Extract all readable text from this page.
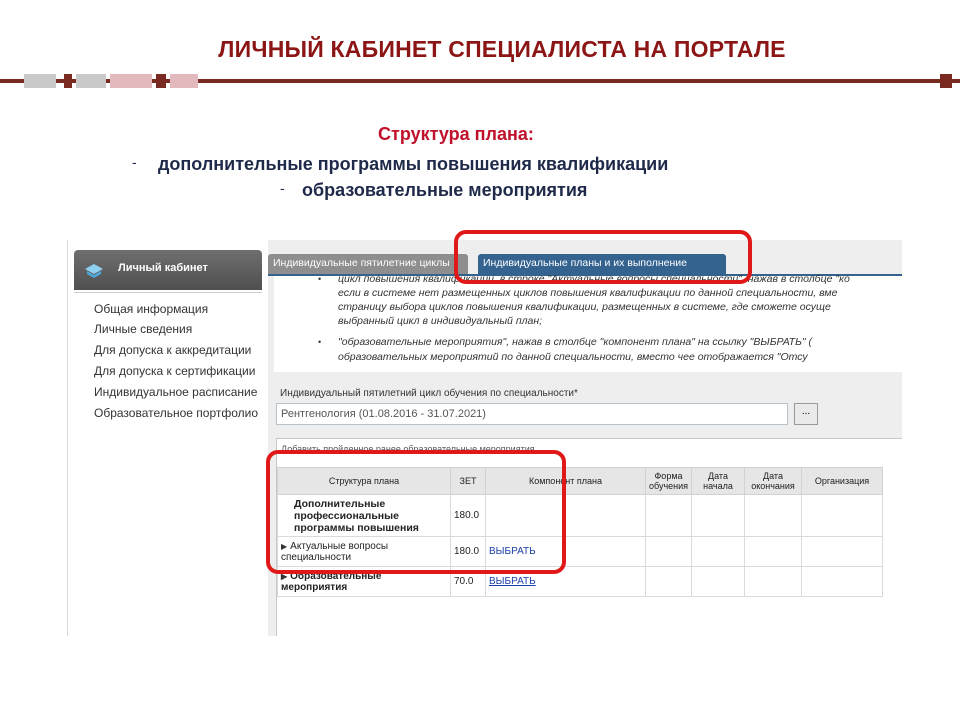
ЛИЧНЫЙ КАБИНЕТ СПЕЦИАЛИСТА НА ПОРТАЛЕ
Структура плана:
- дополнительные программы повышения квалификации
- образовательные мероприятия
Личный кабинет
Общая информация
Личные сведения
Для допуска к аккредитации
Для допуска к сертификации
Индивидуальное расписание
Образовательное портфолио
Индивидуальные пятилетние циклы	Индивидуальные планы и их выполнение
• цикл повышения квалификации, в строке "Актуальные вопросы специальности", нажав в столбце "ко

если в системе нет размещенных циклов повышения квалификации по данной специальности, вме

страницу выбора циклов повышения квалификации, размещенных в системе, где сможете осуще

выбранный цикл в индивидуальный план;

• "образовательные мероприятия", нажав в столбце "компонент плана" на ссылку "ВЫБРАТЬ" (

образовательных мероприятий по данной специальности, вместо чее отображается "Отсу

Индивидуальный пятилетний цикл обучения по специальности*
Рентгенология (01.08.2016 - 31.07.2021)	...
Добавить пройденное ранее образовательные мероприятия
Структура плана	ЗЕТ	Компонент плана	Форма обучения	Дата начала	Дата окончания	Организация
Дополнительные профессиональные программы повышения	180.0					
▶ Актуальные вопросы специальности	180.0	ВЫБРАТЬ				
▶ Образовательные мероприятия	70.0	ВЫБРАТЬ				
